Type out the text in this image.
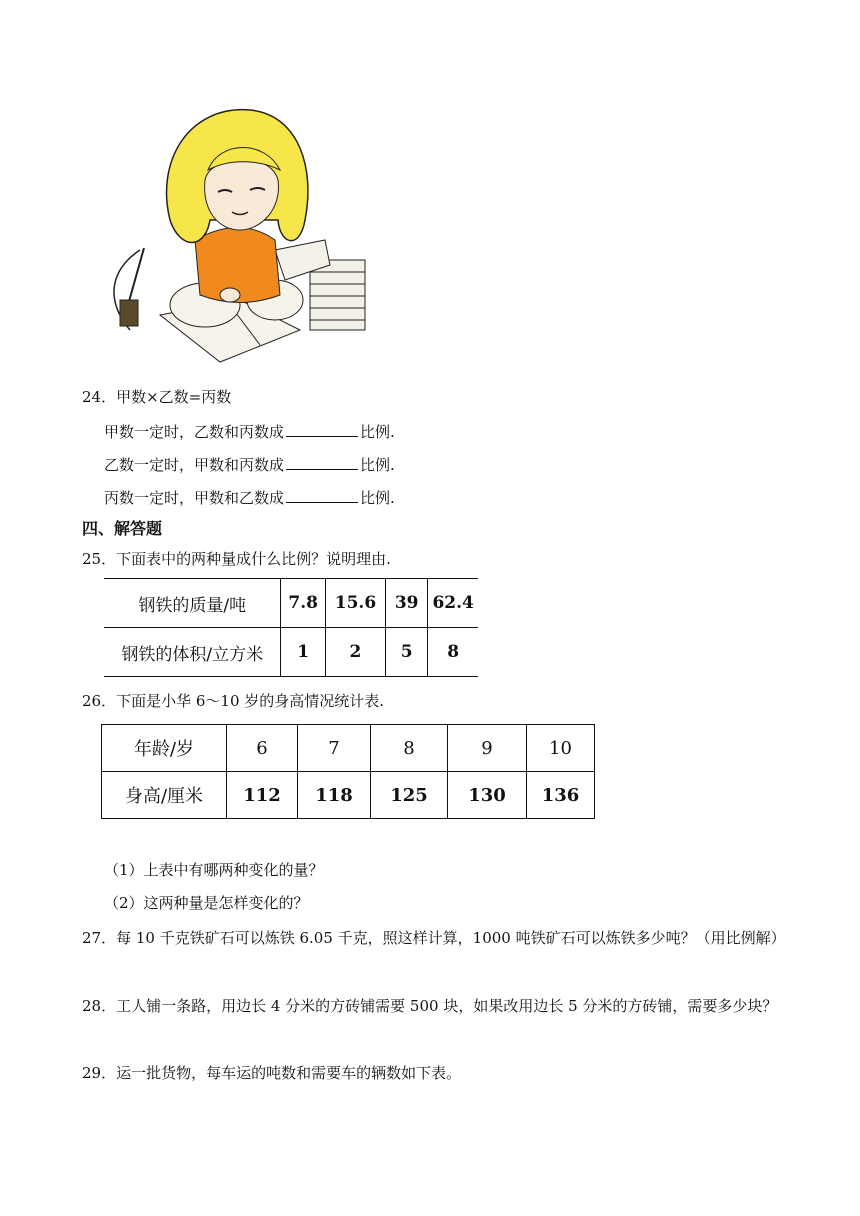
24．甲数×乙数=丙数
甲数一定时，乙数和丙数成	比例.
乙数一定时，甲数和丙数成	比例.
丙数一定时，甲数和乙数成	比例.
四、解答题
25．下面表中的两种量成什么比例？说明理由.
钢铁的质量/吨	7.8	15.6	39	62.4
钢铁的体积/立方米	1	2	5	8
26．下面是小华 6～10 岁的身高情况统计表.
年龄/岁	6	7	8	9	10
身高/厘米	112	118	125	130	136
（1）上表中有哪两种变化的量？
（2）这两种量是怎样变化的？
27．每 10 千克铁矿石可以炼铁 6.05 千克，照这样计算，1000 吨铁矿石可以炼铁多少吨？（用比例解）
28．工人铺一条路，用边长 4 分米的方砖铺需要 500 块，如果改用边长 5 分米的方砖铺，需要多少块？
29．运一批货物，每车运的吨数和需要车的辆数如下表。
